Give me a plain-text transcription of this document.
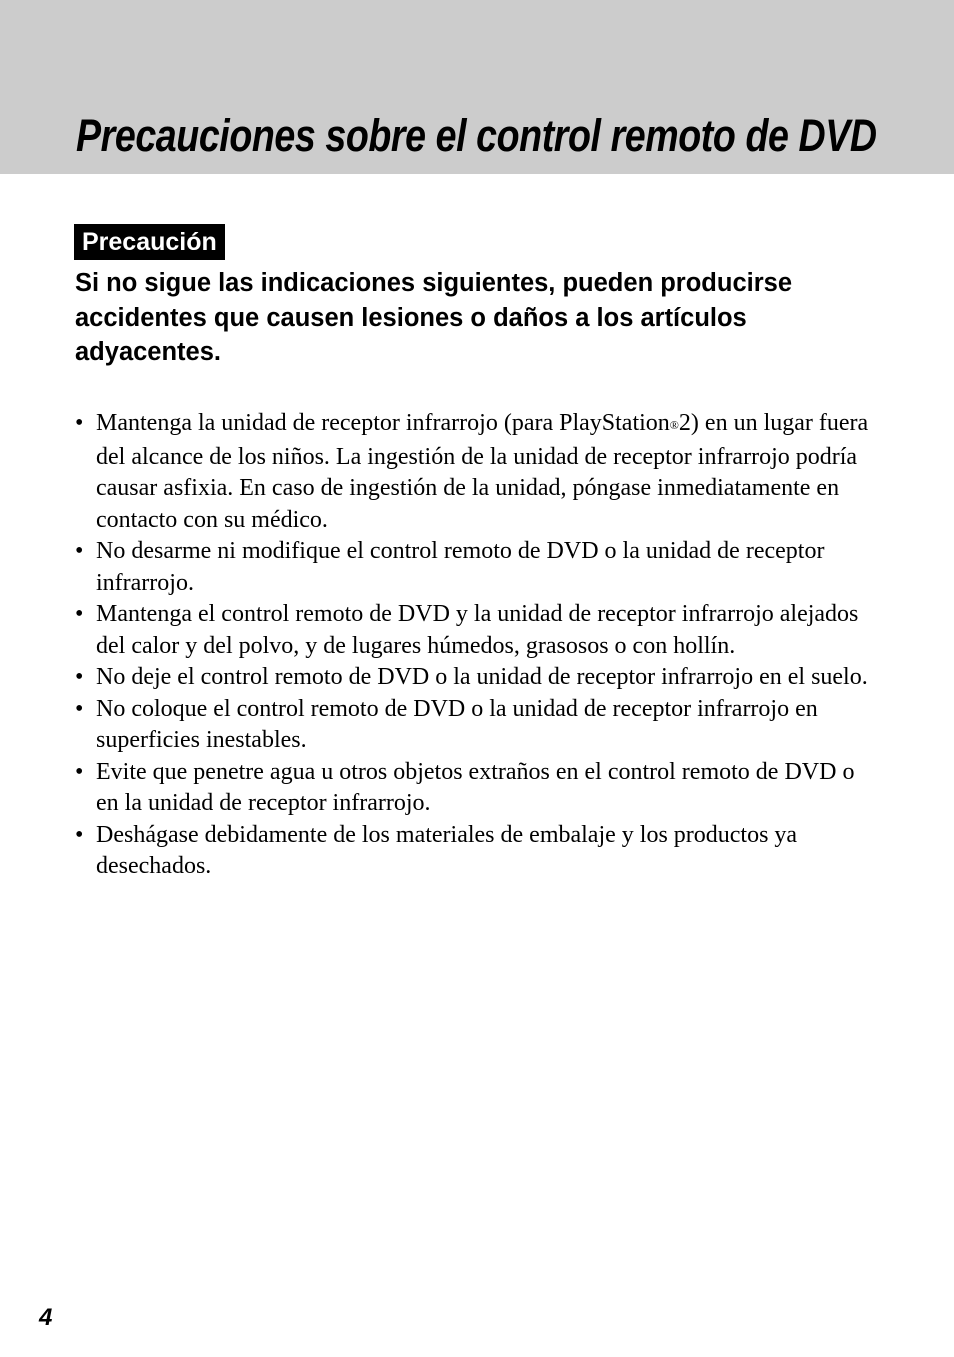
Precauciones sobre el control remoto de DVD
Precaución

Si no sigue las indicaciones siguientes, pueden producirse accidentes que causen lesiones o daños a los artículos adyacentes.

• Mantenga la unidad de receptor infrarrojo (para PlayStation®2) en un lugar fuera del alcance de los niños. La ingestión de la unidad de receptor infrarrojo podría causar asfixia. En caso de ingestión de la unidad, póngase inmediatamente en contacto con su médico.
• No desarme ni modifique el control remoto de DVD o la unidad de receptor infrarrojo.
• Mantenga el control remoto de DVD y la unidad de receptor infrarrojo alejados del calor y del polvo, y de lugares húmedos, grasosos o con hollín.
• No deje el control remoto de DVD o la unidad de receptor infrarrojo en el suelo.
• No coloque el control remoto de DVD o la unidad de receptor infrarrojo en superficies inestables.
• Evite que penetre agua u otros objetos extraños en el control remoto de DVD o en la unidad de receptor infrarrojo.
• Deshágase debidamente de los materiales de embalaje y los productos ya desechados.
4
